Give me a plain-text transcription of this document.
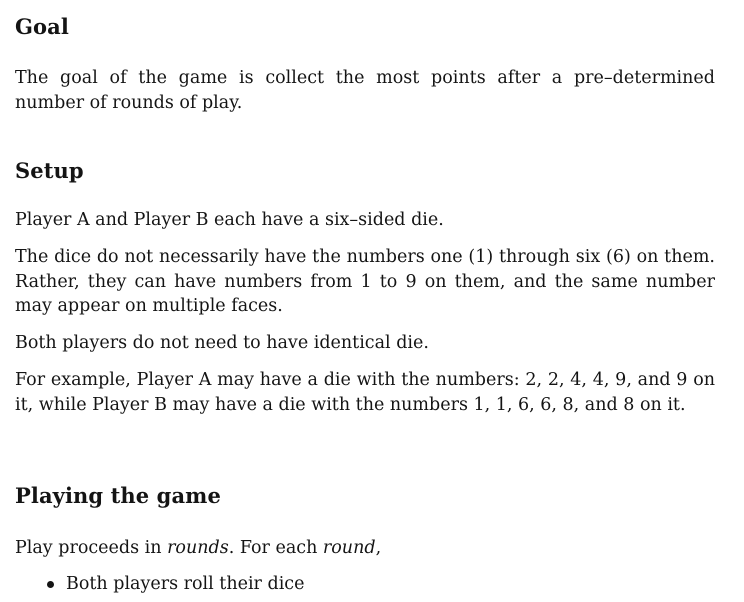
Goal

The goal of the game is collect the most points after a pre–determined number of rounds of play.

Setup

Player A and Player B each have a six–sided die.

The dice do not necessarily have the numbers one (1) through six (6) on them. Rather, they can have numbers from 1 to 9 on them, and the same number may appear on multiple faces.

Both players do not need to have identical die.

For example, Player A may have a die with the numbers: 2, 2, 4, 4, 9, and 9 on it, while Player B may have a die with the numbers 1, 1, 6, 6, 8, and 8 on it.

Playing the game

Play proceeds in rounds. For each round,

Both players roll their dice
